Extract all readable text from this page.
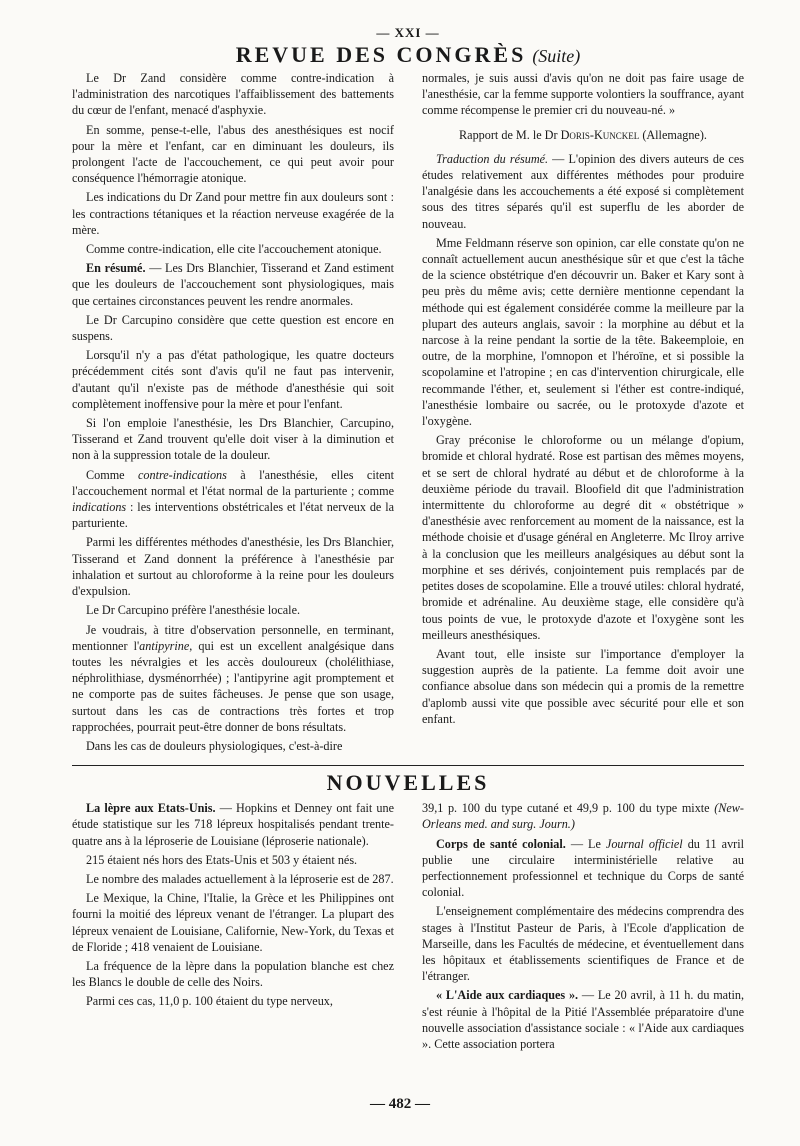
— XXI —
REVUE DES CONGRÈS (Suite)

Le Dr Zand considère comme contre-indication à l'administration des narcotiques l'affaiblissement des battements du cœur de l'enfant, menacé d'asphyxie.

En somme, pense-t-elle, l'abus des anesthésiques est nocif pour la mère et l'enfant, car en diminuant les douleurs, ils prolongent l'acte de l'accouchement, ce qui peut avoir pour conséquence l'hémorragie atonique.

Les indications du Dr Zand pour mettre fin aux douleurs sont : les contractions tétaniques et la réaction nerveuse exagérée de la mère.

Comme contre-indication, elle cite l'accouchement atonique.

En résumé. — Les Drs Blanchier, Tisserand et Zand estiment que les douleurs de l'accouchement sont physiologiques, mais que certaines circonstances peuvent les rendre anormales.

Le Dr Carcupino considère que cette question est encore en suspens.

Lorsqu'il n'y a pas d'état pathologique, les quatre docteurs précédemment cités sont d'avis qu'il ne faut pas intervenir, d'autant qu'il n'existe pas de méthode d'anesthésie qui soit complètement inoffensive pour la mère et pour l'enfant.

Si l'on emploie l'anesthésie, les Drs Blanchier, Carcupino, Tisserand et Zand trouvent qu'elle doit viser à la diminution et non à la suppression totale de la douleur.

Comme contre-indications à l'anesthésie, elles citent l'accouchement normal et l'état normal de la parturiente ; comme indications : les interventions obstétricales et l'état nerveux de la parturiente.

Parmi les différentes méthodes d'anesthésie, les Drs Blanchier, Tisserand et Zand donnent la préférence à l'anesthésie par inhalation et surtout au chloroforme à la reine pour les douleurs d'expulsion.

Le Dr Carcupino préfère l'anesthésie locale.

Je voudrais, à titre d'observation personnelle, en terminant, mentionner l'antipyrine, qui est un excellent analgésique dans toutes les névralgies et les accès douloureux (cholélithiase, néphrolithiase, dysménorrhée) ; l'antipyrine agit promptement et ne comporte pas de suites fâcheuses. Je pense que son usage, surtout dans les cas de contractions très fortes et trop rapprochées, pourrait peut-être donner de bons résultats.

Dans les cas de douleurs physiologiques, c'est-à-dire

normales, je suis aussi d'avis qu'on ne doit pas faire usage de l'anesthésie, car la femme supporte volontiers la souffrance, ayant comme récompense le premier cri du nouveau-né. »

Rapport de M. le Dr Doris-Kunckel (Allemagne).

Traduction du résumé. — L'opinion des divers auteurs de ces études relativement aux différentes méthodes pour produire l'analgésie dans les accouchements a été exposé si complètement sous des titres séparés qu'il est superflu de les aborder de nouveau.

Mme Feldmann réserve son opinion, car elle constate qu'on ne connaît actuellement aucun anesthésique sûr et que c'est la tâche de la science obstétrique d'en découvrir un. Baker et Kary sont à peu près du même avis; cette dernière mentionne cependant la méthode qui est également considérée comme la meilleure par la plupart des auteurs anglais, savoir : la morphine au début et la narcose à la reine pendant la sortie de la tête. Bakeemploie, en outre, de la morphine, l'omnopon et l'héroïne, et si possible la scopolamine et l'atropine ; en cas d'intervention chirurgicale, elle recommande l'éther, et, seulement si l'éther est contre-indiqué, l'anesthésie lombaire ou sacrée, ou le protoxyde d'azote et l'oxygène.

Gray préconise le chloroforme ou un mélange d'opium, bromide et chloral hydraté. Rose est partisan des mêmes moyens, et se sert de chloral hydraté au début et de chloroforme à la deuxième période du travail. Bloofield dit que l'administration intermittente du chloroforme au degré dit « obstétrique » d'anesthésie avec renforcement au moment de la naissance, est la méthode choisie et d'usage général en Angleterre. Mc Ilroy arrive à la conclusion que les meilleurs analgésiques au début sont la morphine et ses dérivés, conjointement puis remplacés par de petites doses de scopolamine. Elle a trouvé utiles: chloral hydraté, bromide et adrénaline. Au deuxième stage, elle considère qu'à tous points de vue, le protoxyde d'azote et l'oxygène sont les meilleurs anesthésiques.

Avant tout, elle insiste sur l'importance d'employer la suggestion auprès de la patiente. La femme doit avoir une confiance absolue dans son médecin qui a promis de la remettre d'aplomb aussi vite que possible avec sécurité pour elle et son enfant.

NOUVELLES

La lèpre aux Etats-Unis. — Hopkins et Denney ont fait une étude statistique sur les 718 lépreux hospitalisés pendant trente-quatre ans à la léproserie de Louisiane (léproserie nationale).

215 étaient nés hors des Etats-Unis et 503 y étaient nés.

Le nombre des malades actuellement à la léproserie est de 287.

Le Mexique, la Chine, l'Italie, la Grèce et les Philippines ont fourni la moitié des lépreux venant de l'étranger. La plupart des lépreux venaient de Louisiane, Californie, New-York, du Texas et de Floride ; 418 venaient de Louisiane.

La fréquence de la lèpre dans la population blanche est chez les Blancs le double de celle des Noirs.

Parmi ces cas, 11,0 p. 100 étaient du type nerveux,

39,1 p. 100 du type cutané et 49,9 p. 100 du type mixte (New-Orleans med. and surg. Journ.)

Corps de santé colonial. — Le Journal officiel du 11 avril publie une circulaire interministérielle relative au perfectionnement professionnel et technique du Corps de santé colonial.

L'enseignement complémentaire des médecins comprendra des stages à l'Institut Pasteur de Paris, à l'Ecole d'application de Marseille, dans les Facultés de médecine, et éventuellement dans les hôpitaux et établissements scientifiques de France et de l'étranger.

« L'Aide aux cardiaques ». — Le 20 avril, à 11 h. du matin, s'est réunie à l'hôpital de la Pitié l'Assemblée préparatoire d'une nouvelle association d'assistance sociale : « l'Aide aux cardiaques ». Cette association portera

— 482 —
